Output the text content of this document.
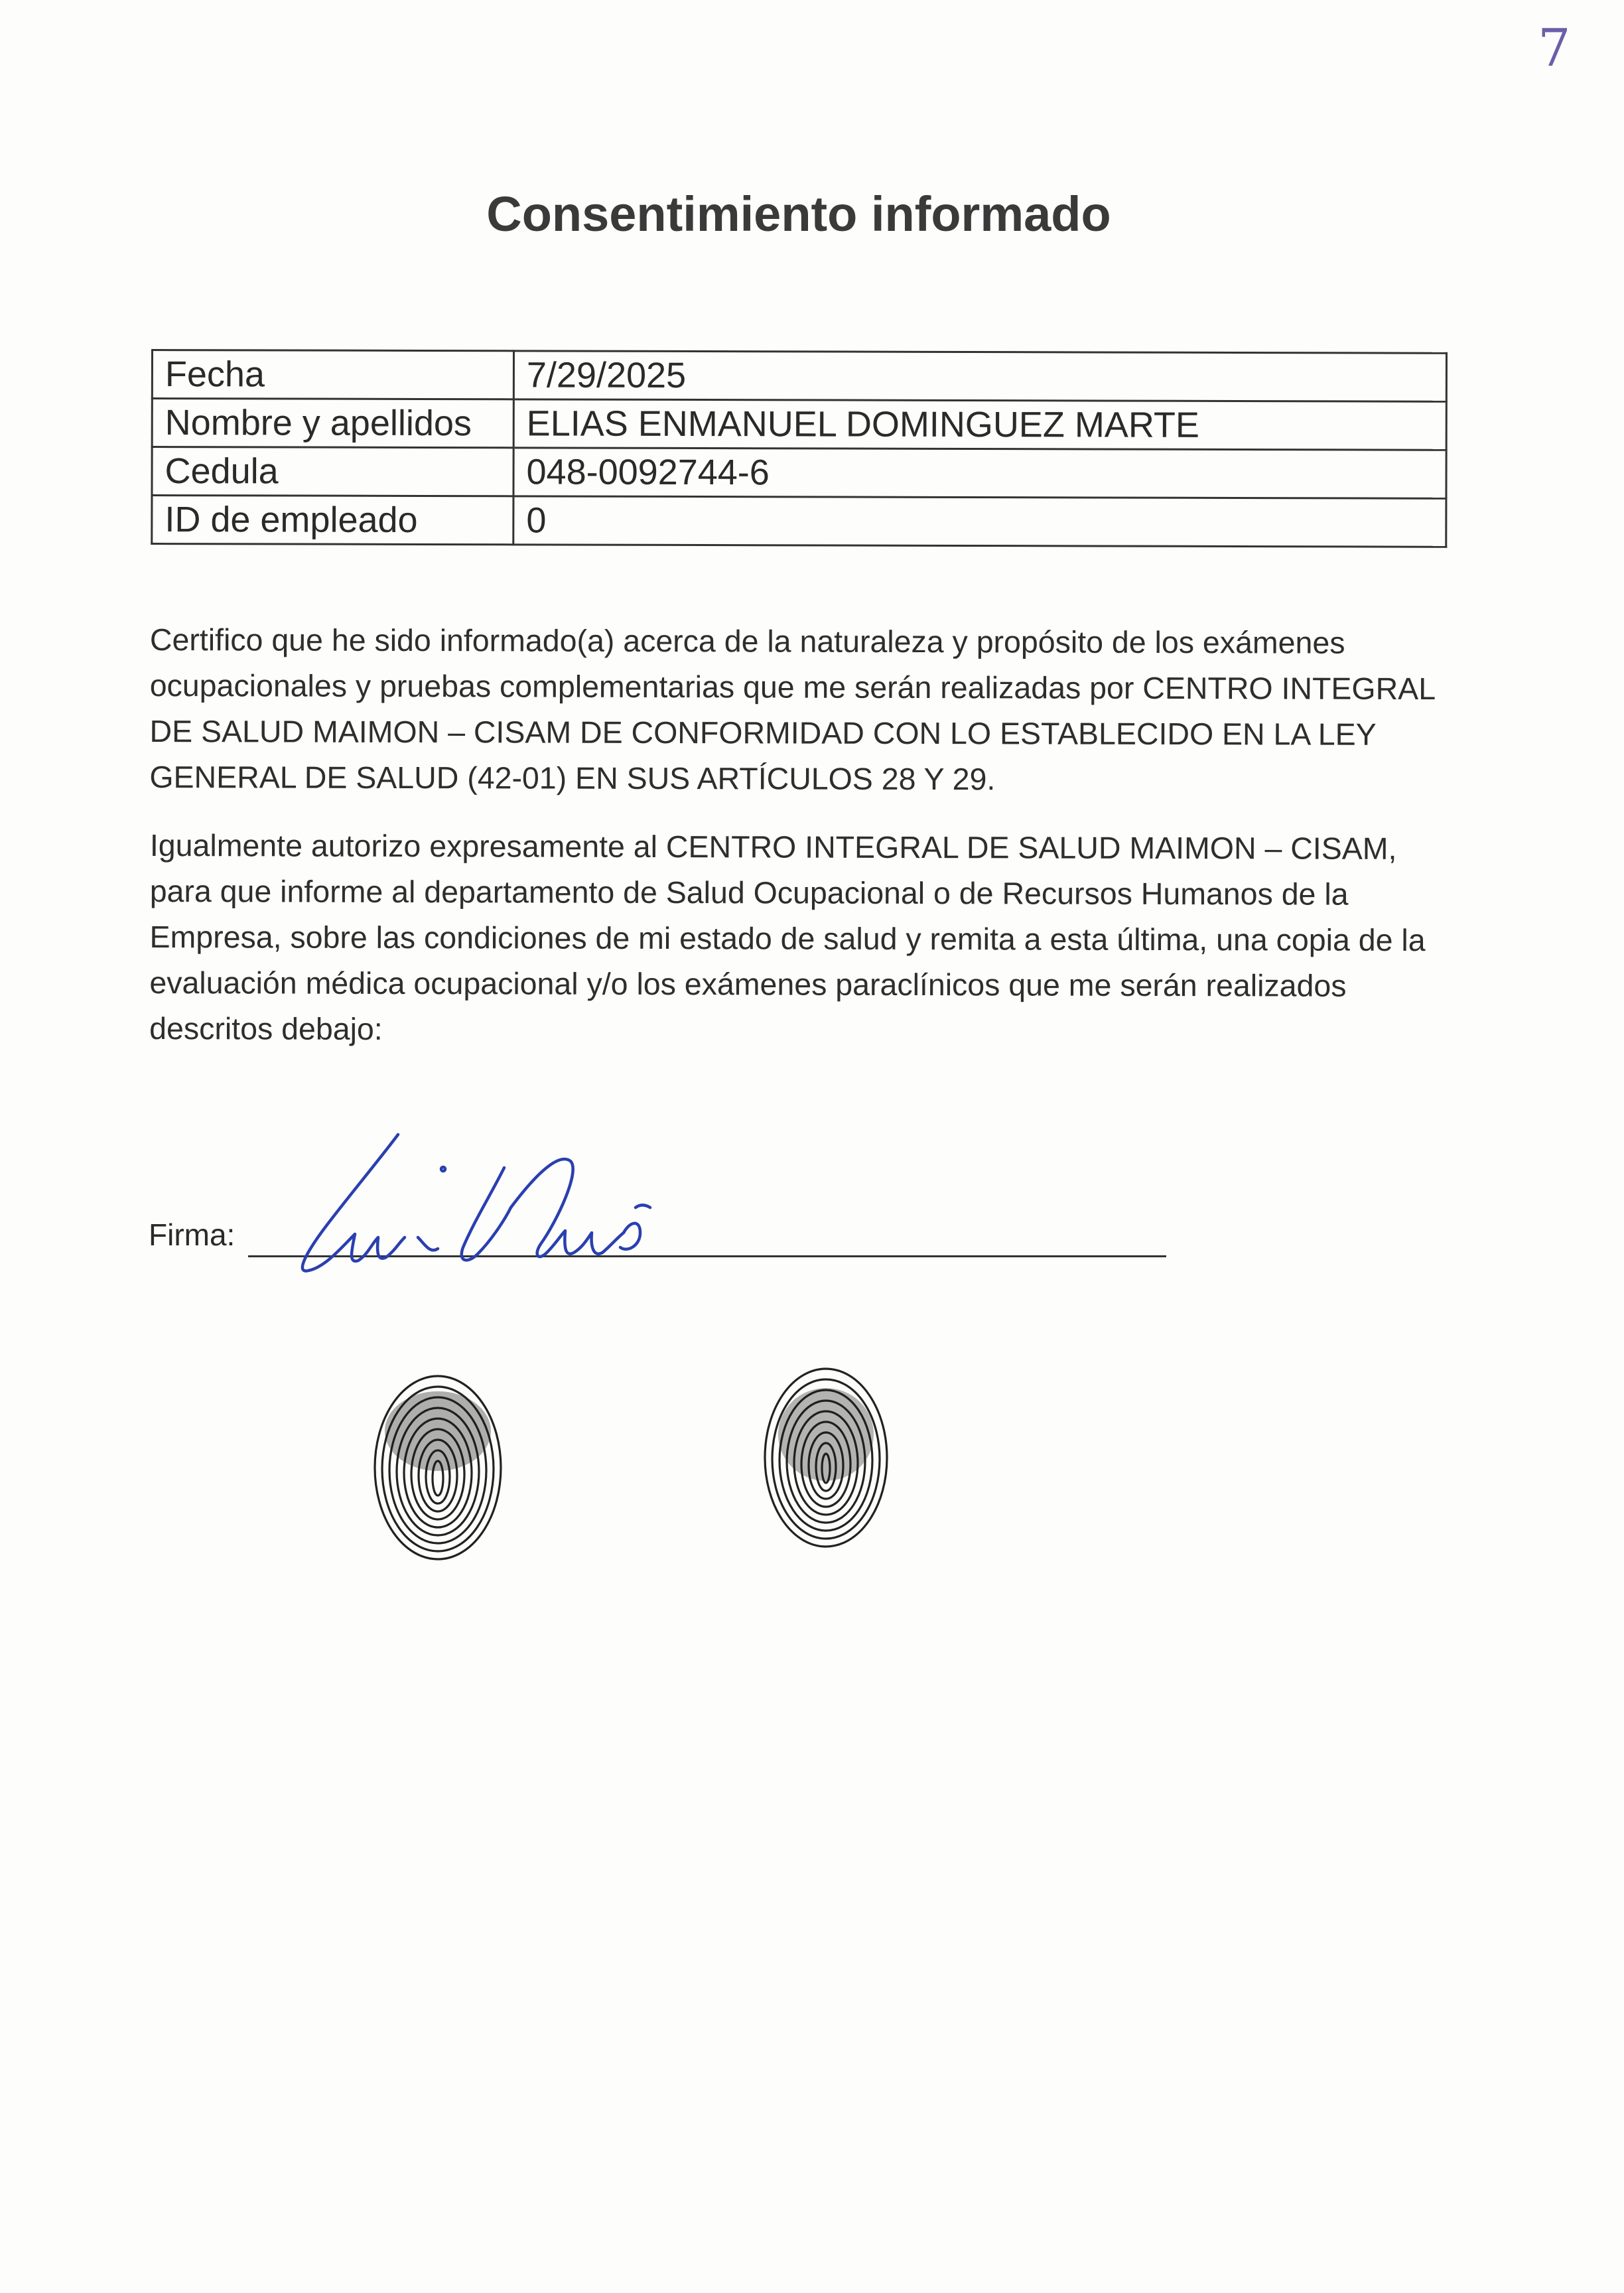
7
Consentimiento informado
Fecha	7/29/2025
Nombre y apellidos	ELIAS ENMANUEL DOMINGUEZ MARTE
Cedula	048-0092744-6
ID de empleado	0
Certifico que he sido informado(a) acerca de la naturaleza y propósito de los exámenes ocupacionales y pruebas complementarias que me serán realizadas por CENTRO INTEGRAL DE SALUD MAIMON – CISAM DE CONFORMIDAD CON LO ESTABLECIDO EN LA LEY GENERAL DE SALUD (42-01) EN SUS ARTÍCULOS 28 Y 29.
Igualmente autorizo expresamente al CENTRO INTEGRAL DE SALUD MAIMON – CISAM, para que informe al departamento de Salud Ocupacional o de Recursos Humanos de la Empresa, sobre las condiciones de mi estado de salud y remita a esta última, una copia de la evaluación médica ocupacional y/o los exámenes paraclínicos que me serán realizados descritos debajo:
Firma:
